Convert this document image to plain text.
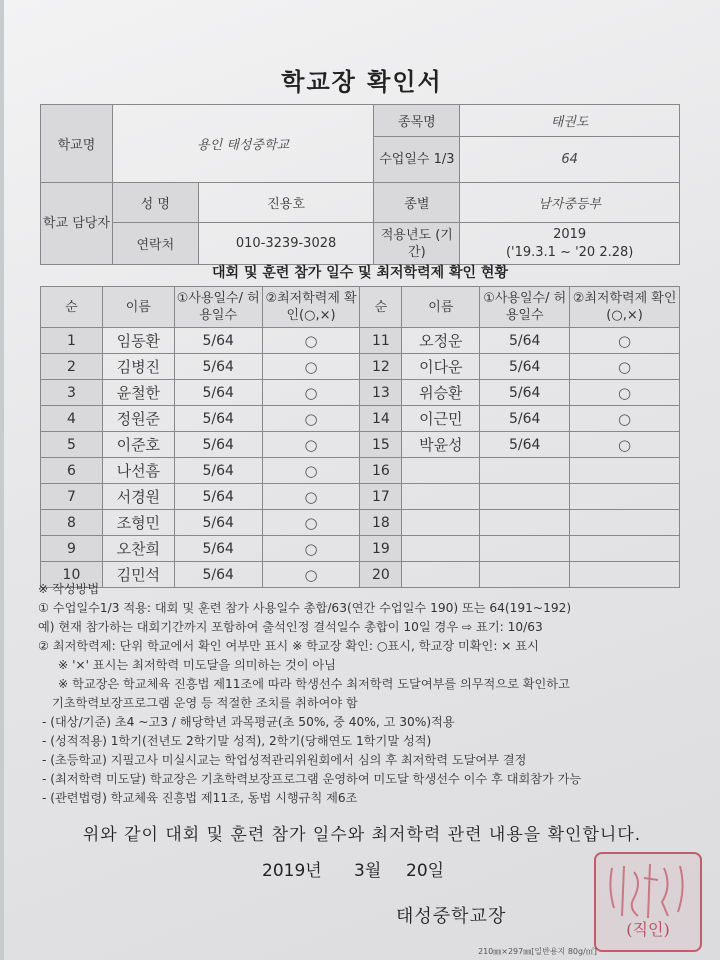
학교장 확인서
학교명	용인 태성중학교		종목명	태권도
			수업일수 1/3	64
학교 담당자	성 명	진용호	종별	남자중등부
	연락처	010-3239-3028	적용년도 (기간)	2019
('19.3.1 ~ '20 2.28)
대회 및 훈련 참가 일수 및 최저학력제 확인 현황
순	이름	①사용일수/ 허용일수	②최저학력제 확인(○,×)	순	이름	①사용일수/ 허용일수	②최저학력제 확인(○,×)
1	임동환	5/64	○	11	오정운	5/64	○
2	김병진	5/64	○	12	이다운	5/64	○
3	윤철한	5/64	○	13	위승환	5/64	○
4	정원준	5/64	○	14	이근민	5/64	○
5	이준호	5/64	○	15	박윤성	5/64	○
6	나선흠	5/64	○	16			
7	서경원	5/64	○	17			
8	조형민	5/64	○	18			
9	오찬희	5/64	○	19			
10	김민석	5/64	○	20			
※ 작성방법
① 수업일수1/3 적용: 대회 및 훈련 참가 사용일수 총합/63(연간 수업일수 190) 또는 64(191~192)
예) 현재 참가하는 대회기간까지 포함하여 출석인정 결석일수 총합이 10일 경우 ⇨ 표기: 10/63
② 최저학력제: 단위 학교에서 확인 여부만 표시 ※ 학교장 확인: ○표시, 학교장 미확인: × 표시
※ '×' 표시는 최저학력 미도달을 의미하는 것이 아님
※ 학교장은 학교체육 진흥법 제11조에 따라 학생선수 최저학력 도달여부를 의무적으로 확인하고
기초학력보장프로그램 운영 등 적절한 조치를 취하여야 함
- (대상/기준) 초4 ~고3 / 해당학년 과목평균(초 50%, 중 40%, 고 30%)적용
- (성적적용) 1학기(전년도 2학기말 성적), 2학기(당해연도 1학기말 성적)
- (초등학교) 지필고사 미실시교는 학업성적관리위원회에서 심의 후 최저학력 도달여부 결정
- (최저학력 미도달) 학교장은 기초학력보장프로그램 운영하여 미도달 학생선수 이수 후 대회참가 가능
- (관련법령) 학교체육 진흥법 제11조, 동법 시행규칙 제6조
위와 같이 대회 및 훈련 참가 일수와 최저학력 관련 내용을 확인합니다.
2019년 3월 20일
태성중학교장
(직인)
210㎜×297㎜[일반용지 80g/㎡]
